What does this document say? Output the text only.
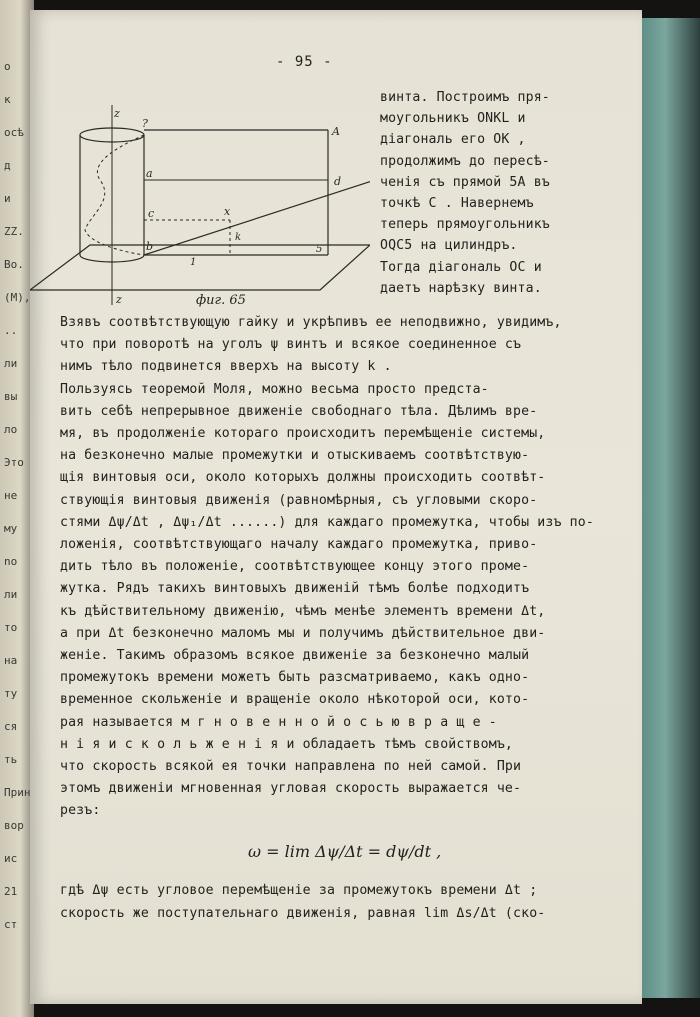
о
к
осѣ
д
и
ZZ.
Bo.
(M),
..
ли
вы
ло
Это
не
му
no
ли
то
на
ту
ся
ть
Прин
вор
ис
21
ст
- 95 -
z
?
A
a
b
c
d
x
1
k
5
z	фиг. 65
винта. Построимъ пря-
моугольникъ ONKL и
діагональ его OK ,
продолжимъ до пересѣ-
ченія съ прямой 5A въ
точкѣ C . Навернемъ
теперь прямоугольникъ
OQC5 на цилиндръ.
Тогда діагональ OC и
даетъ нарѣзку винта.
Взявъ соотвѣтствующую гайку и укрѣпивъ ее неподвижно, увидимъ,
что при поворотѣ на уголъ ψ винтъ и всякое соединенное съ
нимъ тѣло подвинется вверхъ на высоту k .
Пользуясь теоремой Моля, можно весьма просто предста-
вить себѣ непрерывное движеніе свободнаго тѣла. Дѣлимъ вре-
мя, въ продолженіе котораго происходитъ перемѣщеніе системы,
на безконечно малые промежутки и отыскиваемъ соотвѣтствую-
щія винтовыя оси, около которыхъ должны происходить соотвѣт-
ствующія винтовыя движенія (равномѣрныя, съ угловыми скоро-
стями Δψ/Δt , Δψ₁/Δt ......) для каждаго промежутка, чтобы изъ по-
ложенія, соотвѣтствующаго началу каждаго промежутка, приво-
дить тѣло въ положеніе, соотвѣтствующее концу этого проме-
жутка. Рядъ такихъ винтовыхъ движеній тѣмъ болѣе подходитъ
къ дѣйствительному движенію, чѣмъ менѣе элементъ времени Δt,
а при Δt безконечно маломъ мы и получимъ дѣйствительное дви-
женіе. Такимъ образомъ всякое движеніе за безконечно малый
промежутокъ времени можетъ быть разсматриваемо, какъ одно-
временное скольженіе и вращеніе около нѣкоторой оси, кото-
рая называется м г н о в е н н о й о с ь ю в р а щ е -
н і я и с к о л ь ж е н і я и обладаетъ тѣмъ свойствомъ,
что скорость всякой ея точки направлена по ней самой. При
этомъ движеніи мгновенная угловая скорость выражается че-
резъ:
ω = lim Δψ/Δt = dψ/dt ,
гдѣ Δψ есть угловое перемѣщеніе за промежутокъ времени Δt ;
скорость же поступательнаго движенія, равная lim Δs/Δt (ско-
